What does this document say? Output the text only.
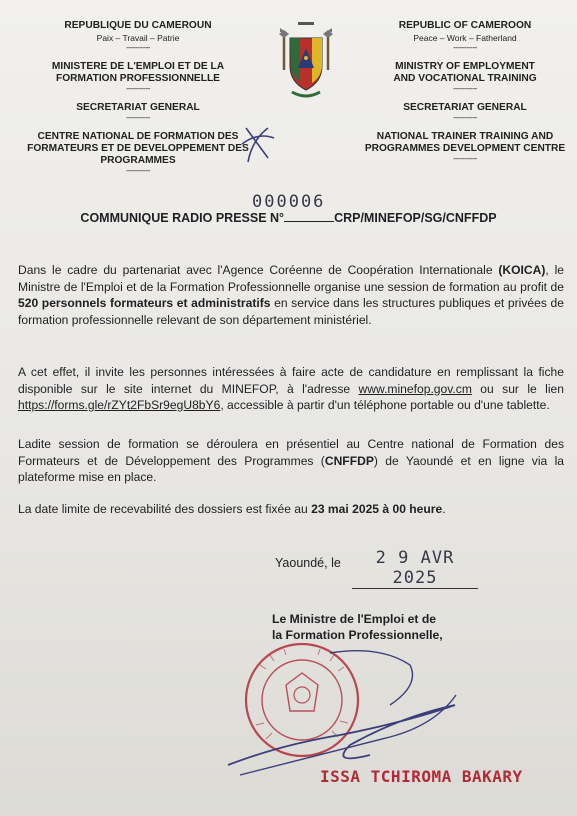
REPUBLIQUE DU CAMEROUN
Paix – Travail – Patrie
-----------
MINISTERE DE L'EMPLOI ET DE LA
FORMATION PROFESSIONNELLE
-----------
SECRETARIAT GENERAL
-----------
CENTRE NATIONAL DE FORMATION DES
FORMATEURS ET DE DEVELOPPEMENT DES
PROGRAMMES
-----------
REPUBLIC OF CAMEROON
Peace – Work – Fatherland
-----------
MINISTRY OF EMPLOYMENT
AND VOCATIONAL TRAINING
-----------
SECRETARIAT GENERAL
-----------
NATIONAL TRAINER TRAINING AND
PROGRAMMES DEVELOPMENT CENTRE
-----------
000006
COMMUNIQUE RADIO PRESSE N°	CRP/MINEFOP/SG/CNFFDP
Dans le cadre du partenariat avec l'Agence Coréenne de Coopération Internationale (KOICA), le Ministre de l'Emploi et de la Formation Professionnelle organise une session de formation au profit de 520 personnels formateurs et administratifs en service dans les structures publiques et privées de formation professionnelle relevant de son département ministériel.
A cet effet, il invite les personnes intéressées à faire acte de candidature en remplissant la fiche disponible sur le site internet du MINEFOP, à l'adresse www.minefop.gov.cm ou sur le lien https://forms.gle/rZYt2FbSr9egU8bY6, accessible à partir d'un téléphone portable ou d'une tablette.
Ladite session de formation se déroulera en présentiel au Centre national de Formation des Formateurs et de Développement des Programmes (CNFFDP) de Yaoundé et en ligne via la plateforme mise en place.
La date limite de recevabilité des dossiers est fixée au 23 mai 2025 à 00 heure.
Yaoundé, le	2 9 AVR 2025
Le Ministre de l'Emploi et de
la Formation Professionnelle,
ISSA TCHIROMA BAKARY
